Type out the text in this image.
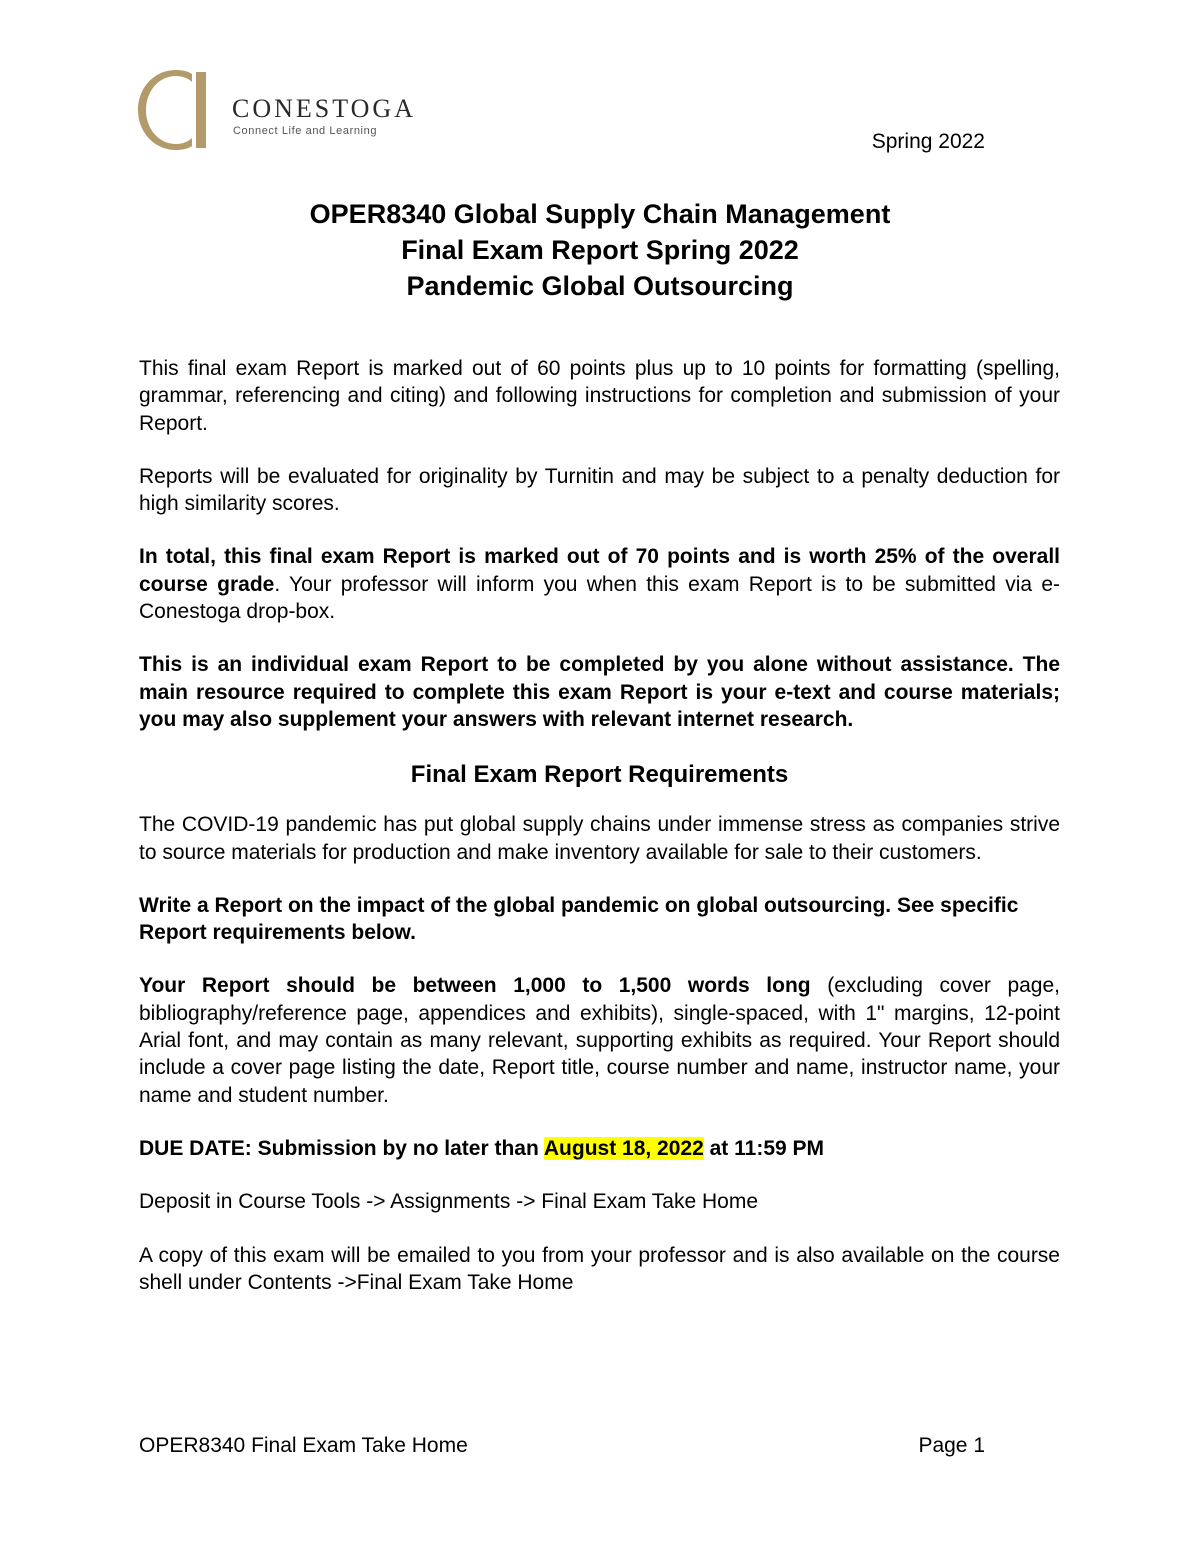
CONESTOGA
Connect Life and Learning	Spring 2022
OPER8340 Global Supply Chain Management
Final Exam Report Spring 2022
Pandemic Global Outsourcing

This final exam Report is marked out of 60 points plus up to 10 points for formatting (spelling, grammar, referencing and citing) and following instructions for completion and submission of your Report.

Reports will be evaluated for originality by Turnitin and may be subject to a penalty deduction for high similarity scores.

In total, this final exam Report is marked out of 70 points and is worth 25% of the overall course grade. Your professor will inform you when this exam Report is to be submitted via e-Conestoga drop-box.

This is an individual exam Report to be completed by you alone without assistance. The main resource required to complete this exam Report is your e-text and course materials; you may also supplement your answers with relevant internet research.

Final Exam Report Requirements

The COVID-19 pandemic has put global supply chains under immense stress as companies strive to source materials for production and make inventory available for sale to their customers.

Write a Report on the impact of the global pandemic on global outsourcing. See specific Report requirements below.

Your Report should be between 1,000 to 1,500 words long (excluding cover page, bibliography/reference page, appendices and exhibits), single-spaced, with 1" margins, 12-point Arial font, and may contain as many relevant, supporting exhibits as required. Your Report should include a cover page listing the date, Report title, course number and name, instructor name, your name and student number.

DUE DATE: Submission by no later than August 18, 2022 at 11:59 PM

Deposit in Course Tools -> Assignments -> Final Exam Take Home

A copy of this exam will be emailed to you from your professor and is also available on the course shell under Contents ->Final Exam Take Home

OPER8340 Final Exam Take Home	Page 1
